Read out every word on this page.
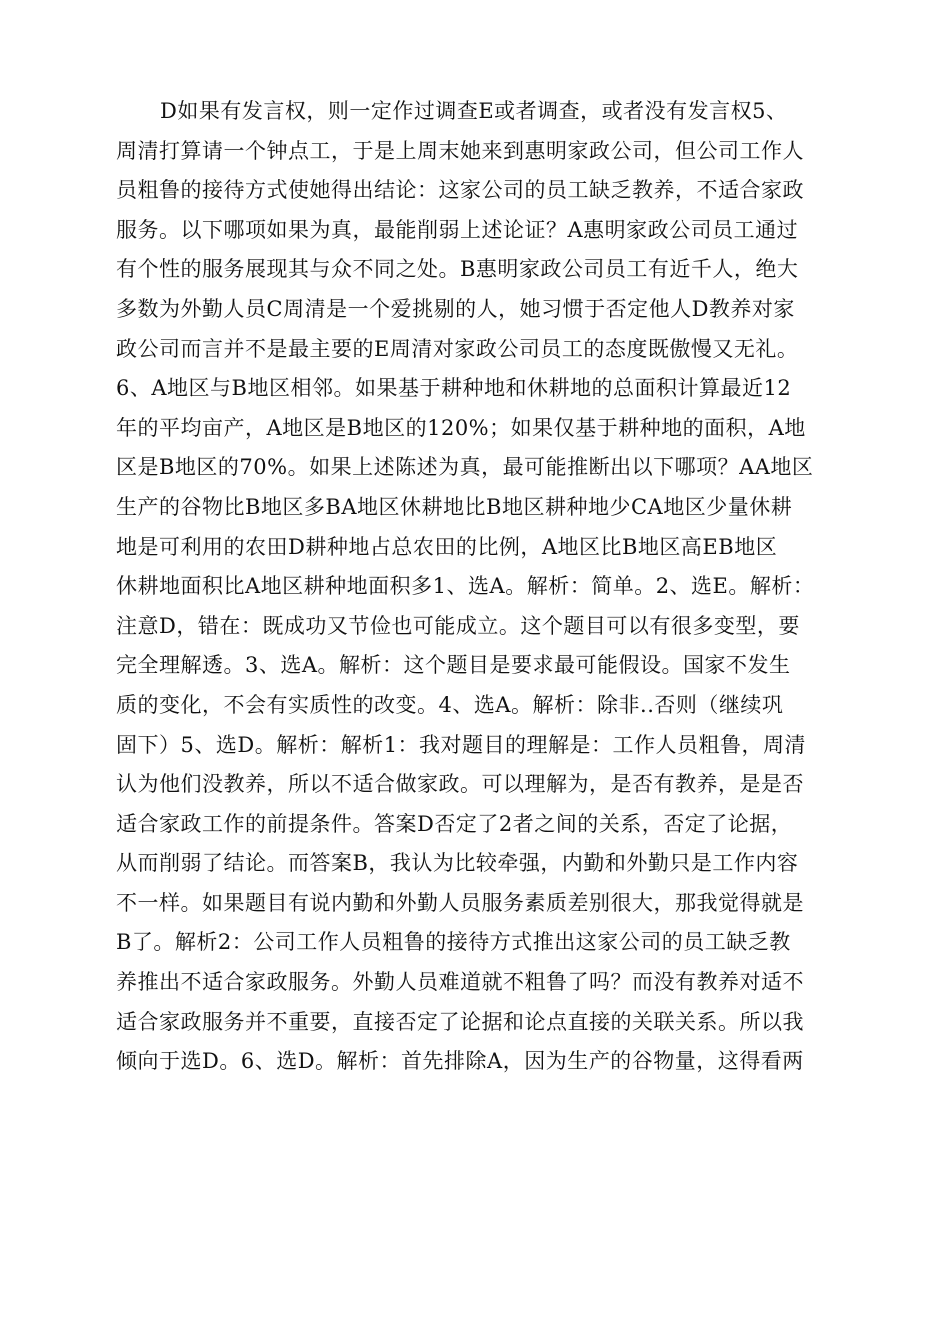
D如果有发言权，则一定作过调查E或者调查，或者没有发言权5、
周清打算请一个钟点工，于是上周末她来到惠明家政公司，但公司工作人
员粗鲁的接待方式使她得出结论：这家公司的员工缺乏教养，不适合家政
服务。以下哪项如果为真，最能削弱上述论证？A惠明家政公司员工通过
有个性的服务展现其与众不同之处。B惠明家政公司员工有近千人，绝大
多数为外勤人员C周清是一个爱挑剔的人，她习惯于否定他人D教养对家
政公司而言并不是最主要的E周清对家政公司员工的态度既傲慢又无礼。
6、A地区与B地区相邻。如果基于耕种地和休耕地的总面积计算最近12
年的平均亩产，A地区是B地区的120%；如果仅基于耕种地的面积，A地
区是B地区的70%。如果上述陈述为真，最可能推断出以下哪项？AA地区
生产的谷物比B地区多BA地区休耕地比B地区耕种地少CA地区少量休耕
地是可利用的农田D耕种地占总农田的比例，A地区比B地区高EB地区
休耕地面积比A地区耕种地面积多1、选A。解析：简单。2、选E。解析：
注意D，错在：既成功又节俭也可能成立。这个题目可以有很多变型，要
完全理解透。3、选A。解析：这个题目是要求最可能假设。国家不发生
质的变化，不会有实质性的改变。4、选A。解析：除非..否则（继续巩
固下）5、选D。解析：解析1：我对题目的理解是：工作人员粗鲁，周清
认为他们没教养，所以不适合做家政。可以理解为，是否有教养，是是否
适合家政工作的前提条件。答案D否定了2者之间的关系，否定了论据，
从而削弱了结论。而答案B，我认为比较牵强，内勤和外勤只是工作内容
不一样。如果题目有说内勤和外勤人员服务素质差别很大，那我觉得就是
B了。解析2：公司工作人员粗鲁的接待方式推出这家公司的员工缺乏教
养推出不适合家政服务。外勤人员难道就不粗鲁了吗？而没有教养对适不
适合家政服务并不重要，直接否定了论据和论点直接的关联关系。所以我
倾向于选D。6、选D。解析：首先排除A，因为生产的谷物量，这得看两
